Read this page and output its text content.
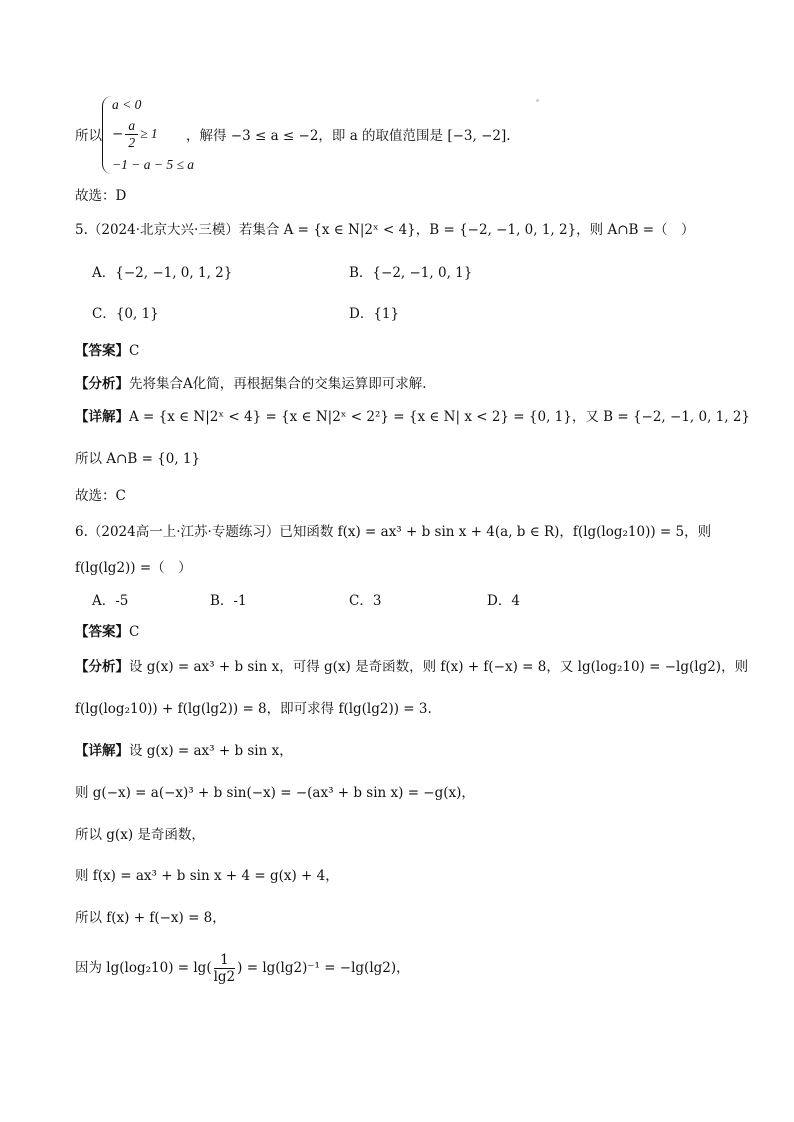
所以
a < 0
− $\frac{a}{2} \ge 1$
−1 − a − 5 ≤ a
，解得 −3 ≤ a ≤ −2，即 a 的取值范围是 [−3, −2].
故选：D
5.（2024·北京大兴·三模）若集合 A = {x ∈ N|2ˣ < 4}，B = {−2, −1, 0, 1, 2}，则 A∩B =（　）
A．{−2, −1, 0, 1, 2}	B．{−2, −1, 0, 1}
C．{0, 1}	D．{1}
【答案】C
【分析】先将集合A化简，再根据集合的交集运算即可求解.
【详解】A = {x ∈ N|2ˣ < 4} = {x ∈ N|2ˣ < 2²} = {x ∈ N| x < 2} = {0, 1}，又 B = {−2, −1, 0, 1, 2}
所以 A∩B = {0, 1}
故选：C
6.（2024高一上·江苏·专题练习）已知函数 f(x) = ax³ + b sin x + 4(a, b ∈ R)，f(lg(log₂10)) = 5，则
f(lg(lg2)) =（　）
A．-5	B．-1	C．3	D．4
【答案】C
【分析】设 g(x) = ax³ + b sin x，可得 g(x) 是奇函数，则 f(x) + f(−x) = 8，又 lg(log₂10) = −lg(lg2)，则
f(lg(log₂10)) + f(lg(lg2)) = 8，即可求得 f(lg(lg2)) = 3.
【详解】设 g(x) = ax³ + b sin x，
则 g(−x) = a(−x)³ + b sin(−x) = −(ax³ + b sin x) = −g(x)，
所以 g(x) 是奇函数，
则 f(x) = ax³ + b sin x + 4 = g(x) + 4，
所以 f(x) + f(−x) = 8，
因为 $\lg(\log_210) = \lg( \frac{1}{\lg 2}$ ) = lg(lg2)⁻¹ = −lg(lg2)，
